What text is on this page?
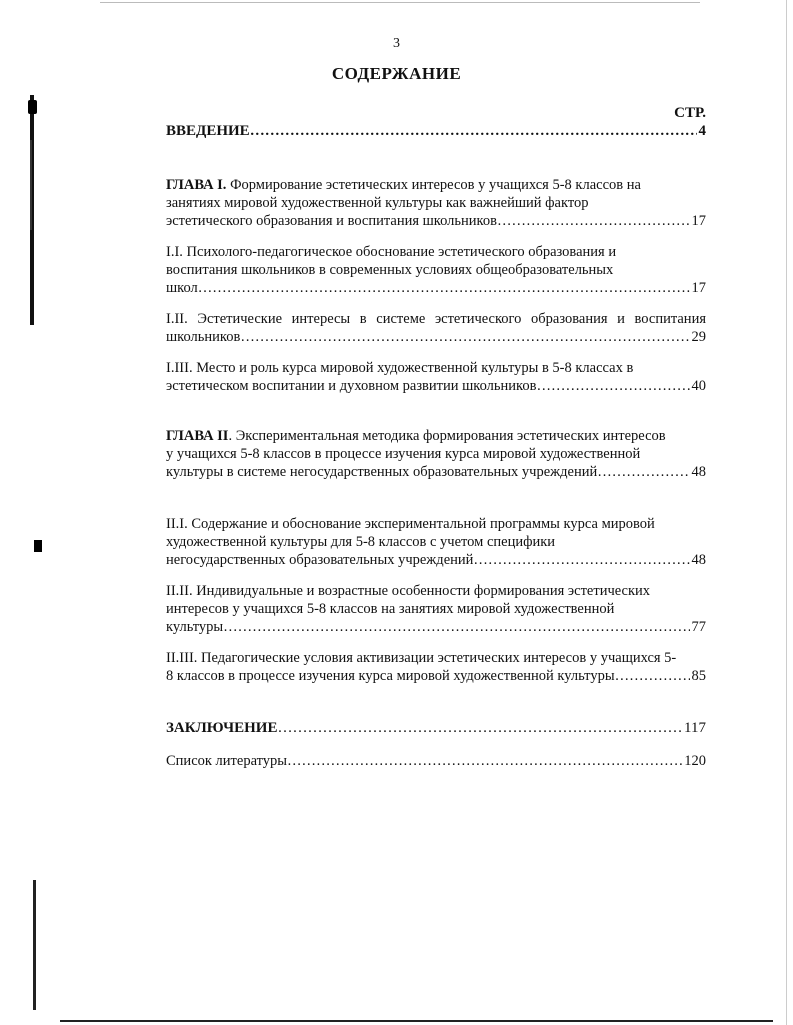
3
СОДЕРЖАНИЕ
СТР.
ВВЕДЕНИЕ …………………………………………………………………………………………………………………………………………………………………………	4
ГЛАВА I.
Формирование эстетических интересов у учащихся 5-8 классов на
занятиях мировой художественной культуры как важнейший фактор
эстетического образования и воспитания школьников …………………………………………………………………………………………………………………………………………………………………………	17
I.I. Психолого-педагогическое обоснование эстетического образования и
воспитания школьников в современных условиях общеобразовательных
школ …………………………………………………………………………………………………………………………………………………………………………	17
I.II. Эстетические интересы в системе эстетического образования и воспитания
школьников …………………………………………………………………………………………………………………………………………………………………………	29
I.III. Место и роль курса мировой художественной культуры в 5-8 классах в
эстетическом воспитании и духовном развитии школьников …………………………………………………………………………………………………………………………………………………………………………	40
ГЛАВА II . Экспериментальная методика формирования эстетических интересов
у учащихся 5-8 классов в процессе изучения курса мировой художественной
культуры в системе негосударственных образовательных учреждений …………………………………………………………………………………………………………………………………………………………………………	48
II.I. Содержание и обоснование экспериментальной программы курса мировой
художественной культуры для 5-8 классов с учетом специфики
негосударственных образовательных учреждений …………………………………………………………………………………………………………………………………………………………………………	48
II.II. Индивидуальные и возрастные особенности формирования эстетических
интересов у учащихся 5-8 классов на занятиях мировой художественной
культуры …………………………………………………………………………………………………………………………………………………………………………	77
II.III. Педагогические условия активизации эстетических интересов у учащихся 5-
8 классов в процессе изучения курса мировой художественной культуры …………………………………………………………………………………………………………………………………………………………………………	85
ЗАКЛЮЧЕНИЕ …………………………………………………………………………………………………………………………………………………………………………	117
Список литературы …………………………………………………………………………………………………………………………………………………………………………	120
